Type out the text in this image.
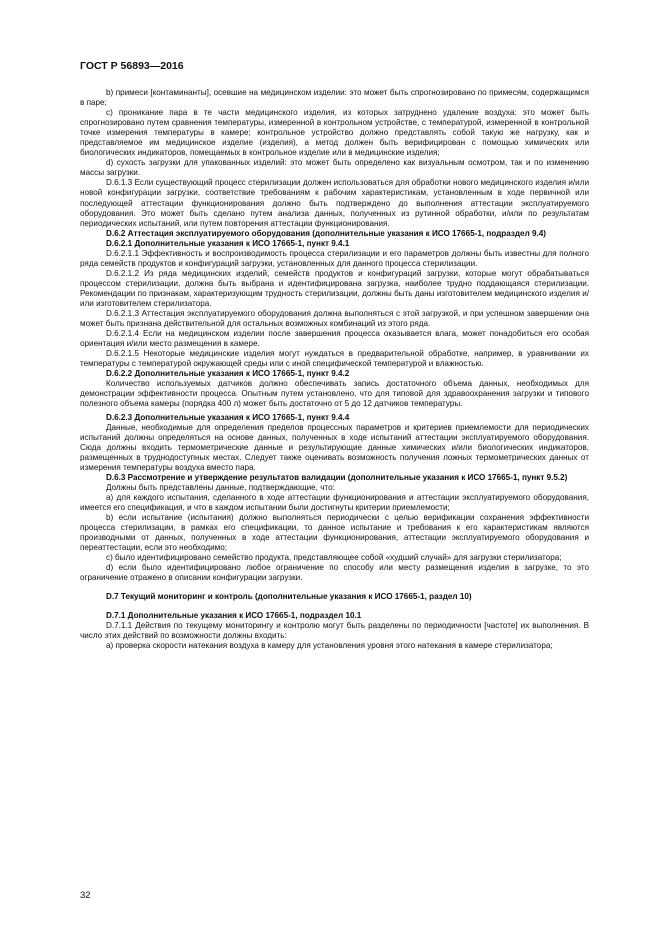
ГОСТ Р 56893—2016

b) примеси [контаминанты], осевшие на медицинском изделии: это может быть спрогнозировано по примесям, содержащимся в паре;

c) проникание пара в те части медицинского изделия, из которых затруднено удаление воздуха: это может быть спрогнозировано путем сравнения температуры, измеренной в контрольном устройстве, с температурой, измеренной в контрольной точке измерения температуры в камере; контрольное устройство должно представлять собой такую же нагрузку, как и представляемое им медицинское изделие (изделия), а метод должен быть верифицирован с помощью химических или биологических индикаторов, помещаемых в контрольное изделие или в медицинские изделия;

d) сухость загрузки для упакованных изделий: это может быть определено как визуальным осмотром, так и по изменению массы загрузки.

D.6.1.3 Если существующий процесс стерилизации должен использоваться для обработки нового медицинского изделия и/или новой конфигурации загрузки, соответствие требованиям к рабочим характеристикам, установленным в ходе первичной или последующей аттестации функционирования должно быть подтверждено до выполнения аттестации эксплуатируемого оборудования. Это может быть сделано путем анализа данных, полученных из рутинной обработки, и/или по результатам периодических испытаний, или путем повторения аттестации функционирования.

D.6.2 Аттестация эксплуатируемого оборудования (дополнительные указания к ИСО 17665-1, подраздел 9.4)

D.6.2.1 Дополнительные указания к ИСО 17665-1, пункт 9.4.1

D.6.2.1.1 Эффективность и воспроизводимость процесса стерилизации и его параметров должны быть известны для полного ряда семейств продуктов и конфигураций загрузки, установленных для данного процесса стерилизации.

D.6.2.1.2 Из ряда медицинских изделий, семейств продуктов и конфигураций загрузки, которые могут обрабатываться процессом стерилизации, должна быть выбрана и идентифицирована загрузка, наиболее трудно поддающаяся стерилизации. Рекомендации по признакам, характеризующим трудность стерилизации, должны быть даны изготовителем медицинского изделия и/или изготовителем стерилизатора.

D.6.2.1.3 Аттестация эксплуатируемого оборудования должна выполняться с этой загрузкой, и при успешном завершении она может быть признана действительной для остальных возможных комбинаций из этого ряда.

D.6.2.1.4 Если на медицинском изделии после завершения процесса оказывается влага, может понадобиться его особая ориентация и/или место размещения в камере.

D.6.2.1.5 Некоторые медицинские изделия могут нуждаться в предварительной обработке, например, в уравнивании их температуры с температурой окружающей среды или с иной специфической температурой и влажностью.

D.6.2.2 Дополнительные указания к ИСО 17665-1, пункт 9.4.2

Количество используемых датчиков должно обеспечивать запись достаточного объема данных, необходимых для демонстрации эффективности процесса. Опытным путем установлено, что для типовой для здравоохранения загрузки и типового полезного объема камеры (порядка 400 л) может быть достаточно от 5 до 12 датчиков температуры.

D.6.2.3 Дополнительные указания к ИСО 17665-1, пункт 9.4.4

Данные, необходимые для определения пределов процессных параметров и критериев приемлемости для периодических испытаний должны определяться на основе данных, полученных в ходе испытаний аттестации эксплуатируемого оборудования. Сюда должны входить термометрические данные и результирующие данные химических и/или биологических индикаторов, размещенных в труднодоступных местах. Следует также оценивать возможность получения ложных термометрических данных от измерения температуры воздуха вместо пара.

D.6.3 Рассмотрение и утверждение результатов валидации (дополнительные указания к ИСО 17665-1, пункт 9.5.2)

Должны быть представлены данные, подтверждающие, что:

a) для каждого испытания, сделанного в ходе аттестации функционирования и аттестации эксплуатируемого оборудования, имеется его спецификация, и что в каждом испытании были достигнуты критерии приемлемости;

b) если испытание (испытания) должно выполняться периодически с целью верификации сохранения эффективности процесса стерилизации, в рамках его спецификации, то данное испытание и требования к его характеристикам являются производными от данных, полученных в ходе аттестации функционирования, аттестации эксплуатируемого оборудования и переаттестации, если это необходимо;

c) было идентифицировано семейство продукта, представляющее собой «худший случай» для загрузки стерилизатора;

d) если было идентифицировано любое ограничение по способу или месту размещения изделия в загрузке, то это ограничение отражено в описании конфигурации загрузки.

D.7 Текущий мониторинг и контроль (дополнительные указания к ИСО 17665-1, раздел 10)

D.7.1 Дополнительные указания к ИСО 17665-1, подраздел 10.1

D.7.1.1 Действия по текущему мониторингу и контролю могут быть разделены по периодичности [частоте] их выполнения. В число этих действий по возможности должны входить:

a) проверка скорости натекания воздуха в камеру для установления уровня этого натекания в камере стерилизатора;

32
